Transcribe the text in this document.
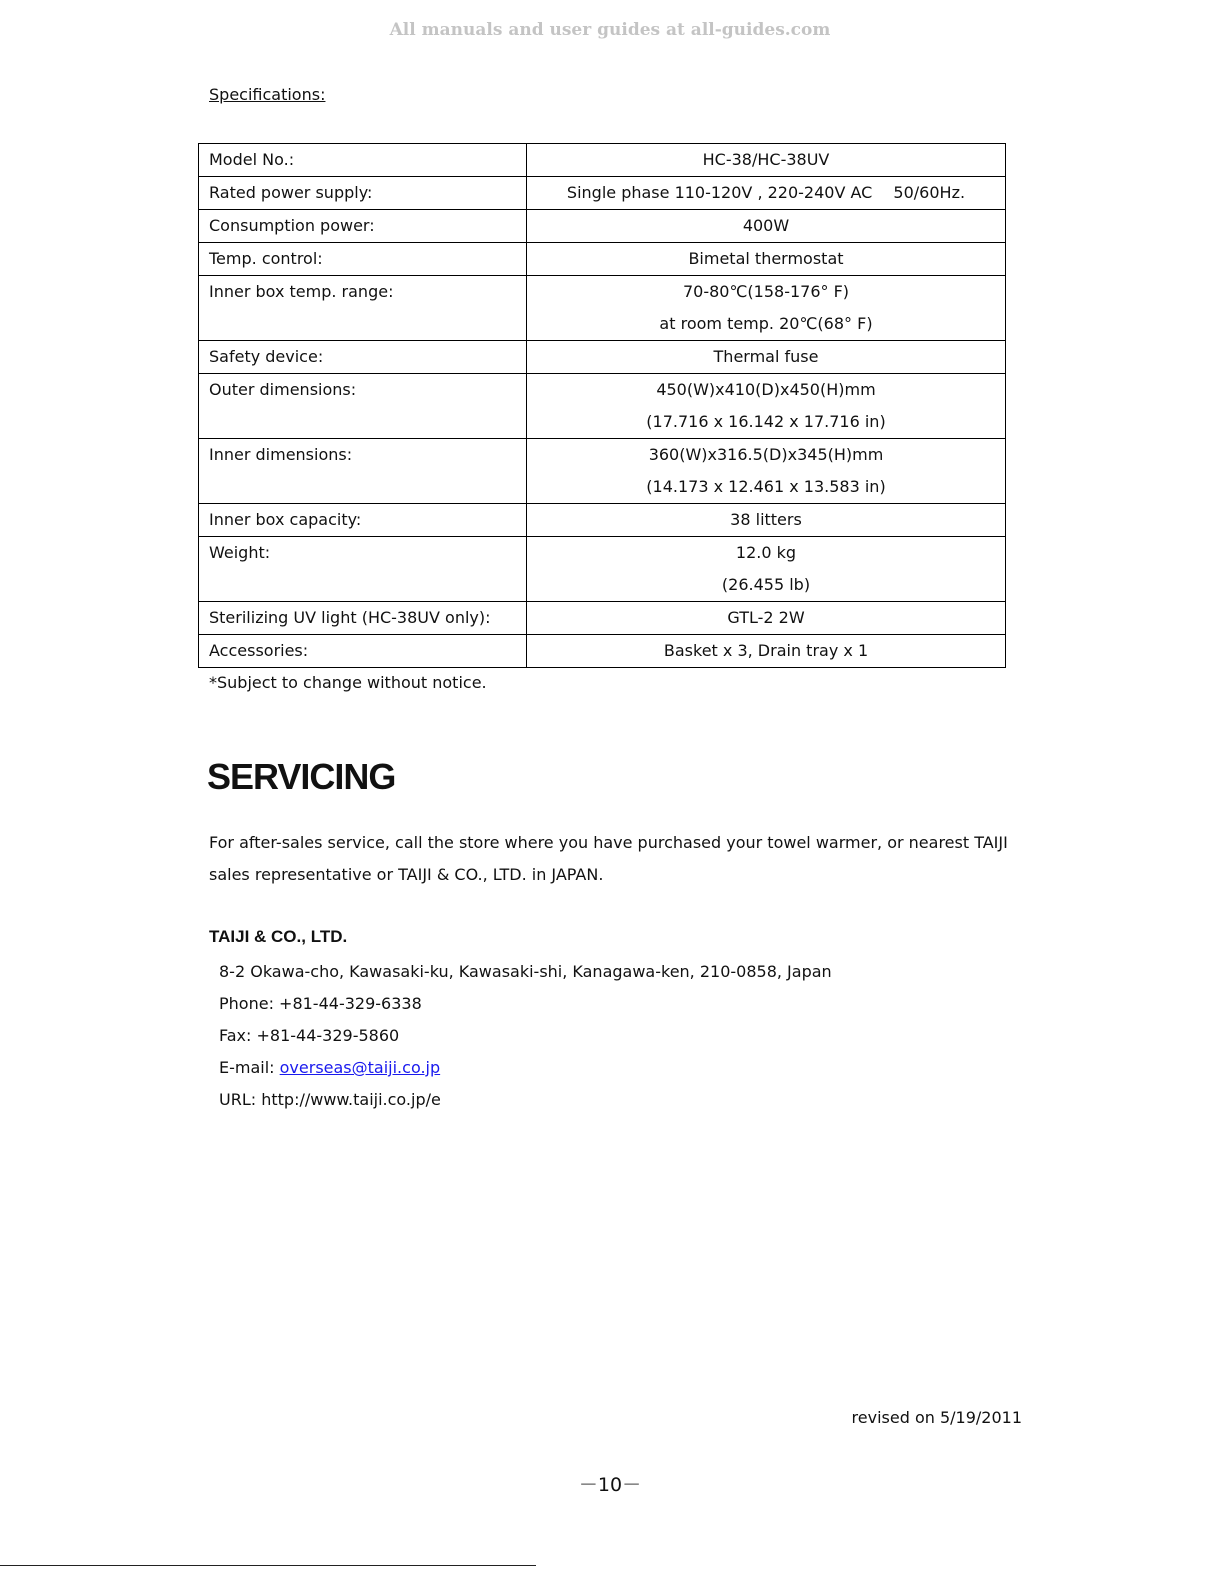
All manuals and user guides at all-guides.com
Specifications:
Model No.:	HC-38/HC-38UV

Rated power supply:	Single phase 110-120V , 220-240V AC　 50/60Hz.

Consumption power:	400W

Temp. control:	Bimetal thermostat

Inner box temp. range:	70-80℃(158-176° F)
at room temp. 20℃(68° F)

Safety device:	Thermal fuse

Outer dimensions:	450(W)x410(D)x450(H)mm
(17.716 x 16.142 x 17.716 in)

Inner dimensions:	360(W)x316.5(D)x345(H)mm
(14.173 x 12.461 x 13.583 in)

Inner box capacity:	38 litters

Weight:	12.0 kg
(26.455 lb)

Sterilizing UV light (HC-38UV only):	GTL-2 2W

Accessories:	Basket x 3, Drain tray x 1
*Subject to change without notice.
SERVICING
For after-sales service, call the store where you have purchased your towel warmer, or nearest TAIJI
sales representative or TAIJI & CO., LTD. in JAPAN.
TAIJI & CO., LTD.
8-2 Okawa-cho, Kawasaki-ku, Kawasaki-shi, Kanagawa-ken, 210-0858, Japan
Phone: +81-44-329-6338
Fax: +81-44-329-5860
E-mail: overseas@taiji.co.jp
URL: http://www.taiji.co.jp/e
revised on 5/19/2011
－10－
